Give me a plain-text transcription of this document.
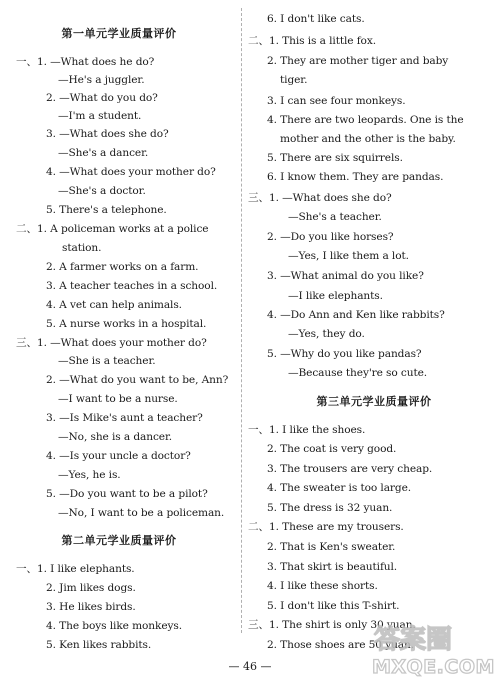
第一单元学业质量评价
一、1. —What does he do?
—He's a juggler.
2. —What do you do?
—I'm a student.
3. —What does she do?
—She's a dancer.
4. —What does your mother do?
—She's a doctor.
5. There's a telephone.
二、1. A policeman works at a police
station.
2. A farmer works on a farm.
3. A teacher teaches in a school.
4. A vet can help animals.
5. A nurse works in a hospital.
三、1. —What does your mother do?
—She is a teacher.
2. —What do you want to be, Ann?
—I want to be a nurse.
3. —Is Mike's aunt a teacher?
—No, she is a dancer.
4. —Is your uncle a doctor?
—Yes, he is.
5. —Do you want to be a pilot?
—No, I want to be a policeman.
第二单元学业质量评价
一、1. I like elephants.
2. Jim likes dogs.
3. He likes birds.
4. The boys like monkeys.
5. Ken likes rabbits.
6. I don't like cats.
二、1. This is a little fox.
2. They are mother tiger and baby
tiger.
3. I can see four monkeys.
4. There are two leopards. One is the
mother and the other is the baby.
5. There are six squirrels.
6. I know them. They are pandas.
三、1. —What does she do?
—She's a teacher.
2. —Do you like horses?
—Yes, I like them a lot.
3. —What animal do you like?
—I like elephants.
4. —Do Ann and Ken like rabbits?
—Yes, they do.
5. —Why do you like pandas?
—Because they're so cute.
第三单元学业质量评价
一、1. I like the shoes.
2. The coat is very good.
3. The trousers are very cheap.
4. The sweater is too large.
5. The dress is 32 yuan.
二、1. These are my trousers.
2. That is Ken's sweater.
3. That skirt is beautiful.
4. I like these shorts.
5. I don't like this T-shirt.
三、1. The shirt is only 30 yuan.
2. Those shoes are 50 yuan.
— 46 —
答案圈
MXQE.COM
